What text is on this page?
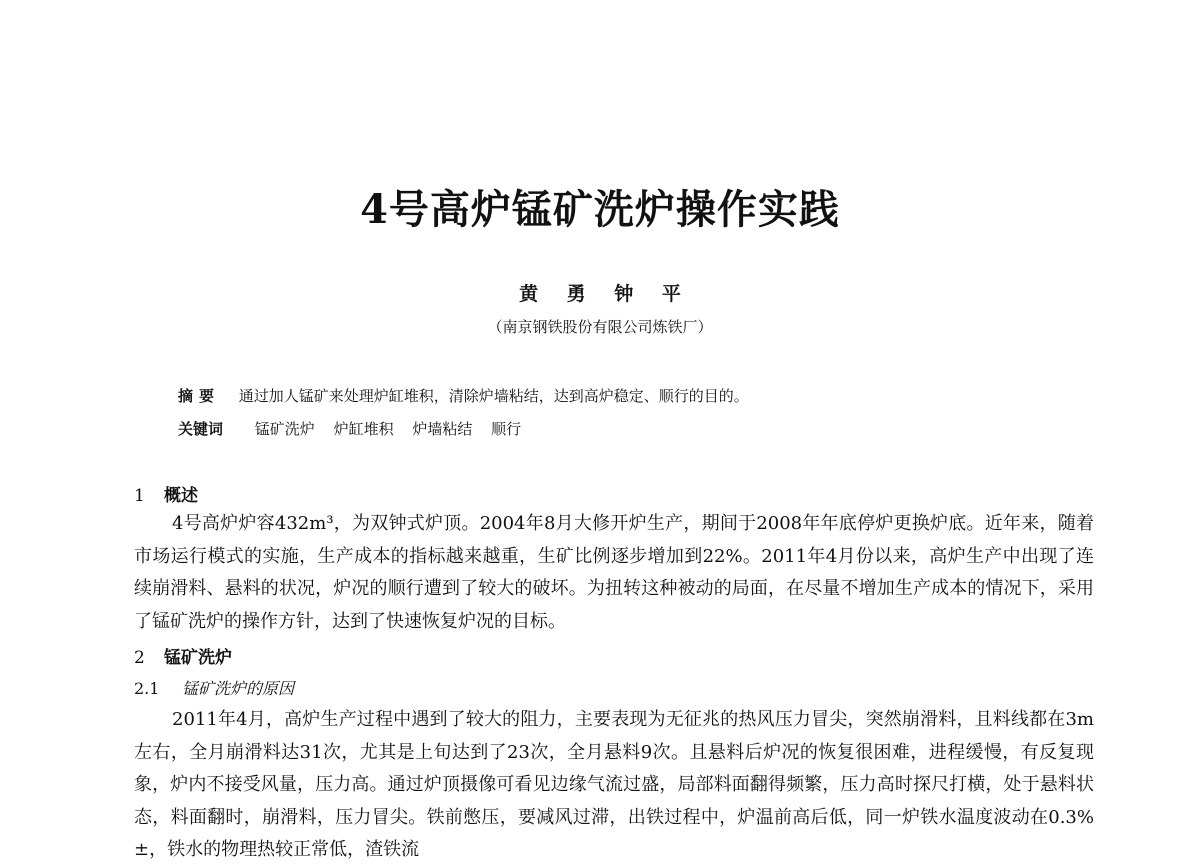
4号高炉锰矿洗炉操作实践
黄 勇 钟 平
（南京钢铁股份有限公司炼铁厂）
摘要 通过加人锰矿来处理炉缸堆积，清除炉墙粘结，达到高炉稳定、顺行的目的。
关键词 锰矿洗炉 炉缸堆积 炉墙粘结 顺行
1 概述

4号高炉炉容432m³，为双钟式炉顶。2004年8月大修开炉生产，期间于2008年年底停炉更换炉底。近年来，随着市场运行模式的实施，生产成本的指标越来越重，生矿比例逐步增加到22%。2011年4月份以来，高炉生产中出现了连续崩滑料、悬料的状况，炉况的顺行遭到了较大的破坏。为扭转这种被动的局面，在尽量不增加生产成本的情况下，采用了锰矿洗炉的操作方针，达到了快速恢复炉况的目标。

2 锰矿洗炉
2.1 锰矿洗炉的原因

2011年4月，高炉生产过程中遇到了较大的阻力，主要表现为无征兆的热风压力冒尖，突然崩滑料，且料线都在3m左右，全月崩滑料达31次，尤其是上旬达到了23次，全月悬料9次。且悬料后炉况的恢复很困难，进程缓慢，有反复现象，炉内不接受风量，压力高。通过炉顶摄像可看见边缘气流过盛，局部料面翻得频繁，压力高时探尺打横，处于悬料状态，料面翻时，崩滑料，压力冒尖。铁前憋压，要减风过滞，出铁过程中，炉温前高后低，同一炉铁水温度波动在0.3%±，铁水的物理热较正常低，渣铁流
